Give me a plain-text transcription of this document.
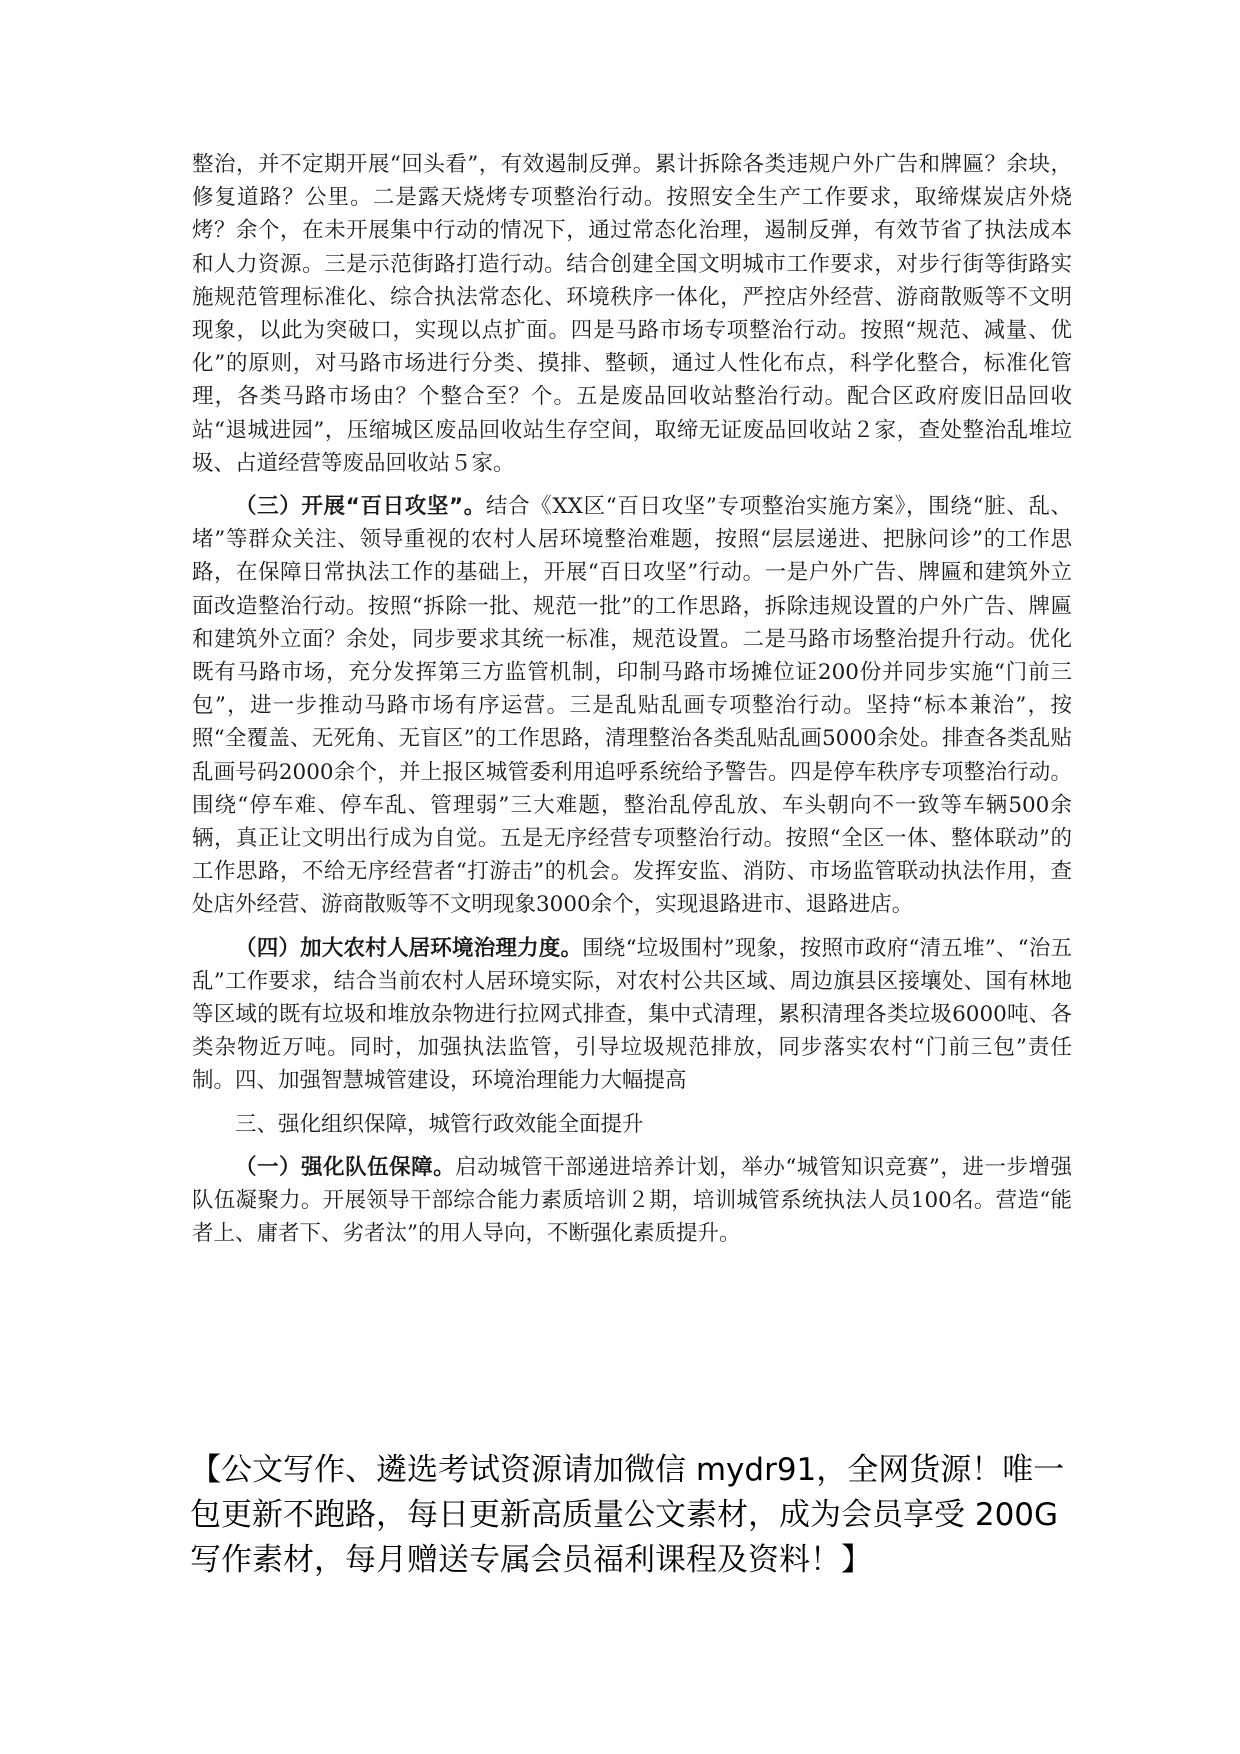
整治，并不定期开展“回头看”，有效遏制反弹。累计拆除各类违规户外广告和牌匾？余块，修复道路？公里。二是露天烧烤专项整治行动。按照安全生产工作要求，取缔煤炭店外烧烤？余个，在未开展集中行动的情况下，通过常态化治理，遏制反弹，有效节省了执法成本和人力资源。三是示范街路打造行动。结合创建全国文明城市工作要求，对步行街等街路实施规范管理标准化、综合执法常态化、环境秩序一体化，严控店外经营、游商散贩等不文明现象，以此为突破口，实现以点扩面。四是马路市场专项整治行动。按照“规范、减量、优化”的原则，对马路市场进行分类、摸排、整顿，通过人性化布点，科学化整合，标准化管理，各类马路市场由？个整合至？个。五是废品回收站整治行动。配合区政府废旧品回收站“退城进园”，压缩城区废品回收站生存空间，取缔无证废品回收站２家，查处整治乱堆垃圾、占道经营等废品回收站５家。

（三）开展“百日攻坚”。结合《XX区“百日攻坚”专项整治实施方案》，围绕“脏、乱、堵”等群众关注、领导重视的农村人居环境整治难题，按照“层层递进、把脉问诊”的工作思路，在保障日常执法工作的基础上，开展“百日攻坚”行动。一是户外广告、牌匾和建筑外立面改造整治行动。按照“拆除一批、规范一批”的工作思路，拆除违规设置的户外广告、牌匾和建筑外立面？余处，同步要求其统一标准，规范设置。二是马路市场整治提升行动。优化既有马路市场，充分发挥第三方监管机制，印制马路市场摊位证200份并同步实施“门前三包”，进一步推动马路市场有序运营。三是乱贴乱画专项整治行动。坚持“标本兼治”，按照“全覆盖、无死角、无盲区”的工作思路，清理整治各类乱贴乱画5000余处。排查各类乱贴乱画号码2000余个，并上报区城管委利用追呼系统给予警告。四是停车秩序专项整治行动。围绕“停车难、停车乱、管理弱”三大难题，整治乱停乱放、车头朝向不一致等车辆500余辆，真正让文明出行成为自觉。五是无序经营专项整治行动。按照“全区一体、整体联动”的工作思路，不给无序经营者“打游击”的机会。发挥安监、消防、市场监管联动执法作用，查处店外经营、游商散贩等不文明现象3000余个，实现退路进市、退路进店。

（四）加大农村人居环境治理力度。围绕“垃圾围村”现象，按照市政府“清五堆”、“治五乱”工作要求，结合当前农村人居环境实际，对农村公共区域、周边旗县区接壤处、国有林地等区域的既有垃圾和堆放杂物进行拉网式排查，集中式清理，累积清理各类垃圾6000吨、各类杂物近万吨。同时，加强执法监管，引导垃圾规范排放，同步落实农村“门前三包”责任制。四、加强智慧城管建设，环境治理能力大幅提高

三、强化组织保障，城管行政效能全面提升

（一）强化队伍保障。启动城管干部递进培养计划，举办“城管知识竞赛”，进一步增强队伍凝聚力。开展领导干部综合能力素质培训２期，培训城管系统执法人员100名。营造“能者上、庸者下、劣者汰”的用人导向，不断强化素质提升。

【公文写作、遴选考试资源请加微信 mydr91，全网货源！唯一包更新不跑路，每日更新高质量公文素材，成为会员享受 200G 写作素材，每月赠送专属会员福利课程及资料！】
